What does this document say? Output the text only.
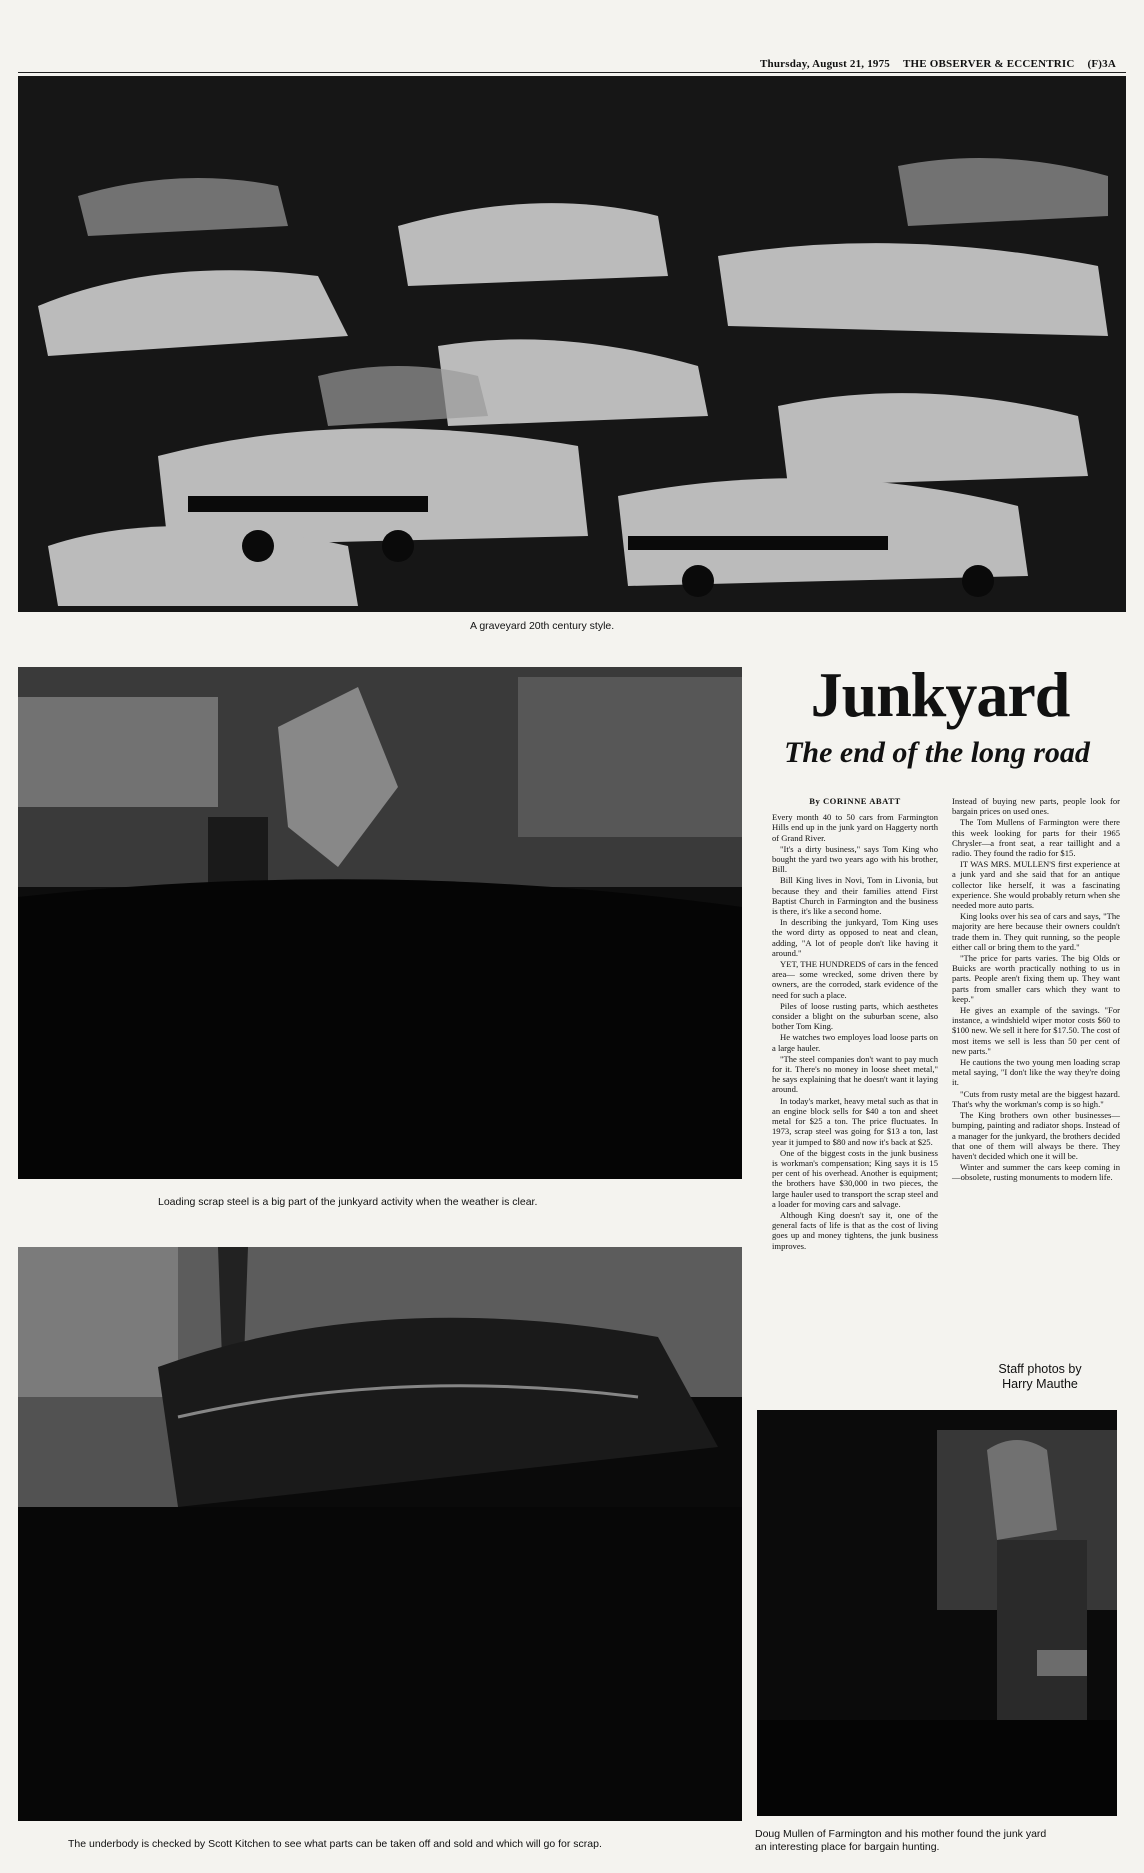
Thursday, August 21, 1975 THE OBSERVER & ECCENTRIC (F)3A
A graveyard 20th century style.
Loading scrap steel is a big part of the junkyard activity when the weather is clear.
The underbody is checked by Scott Kitchen to see what parts can be taken off and sold and which will go for scrap.
Junkyard
The end of the long road
By CORINNE ABATT

Every month 40 to 50 cars from Farmington Hills end up in the junk yard on Haggerty north of Grand River.

"It's a dirty business," says Tom King who bought the yard two years ago with his brother, Bill.

Bill King lives in Novi, Tom in Livonia, but because they and their families attend First Baptist Church in Farmington and the business is there, it's like a second home.

In describing the junkyard, Tom King uses the word dirty as opposed to neat and clean, adding, "A lot of people don't like having it around."

YET, THE HUNDREDS of cars in the fenced area— some wrecked, some driven there by owners, are the corroded, stark evidence of the need for such a place.

Piles of loose rusting parts, which aesthetes consider a blight on the suburban scene, also bother Tom King.

He watches two employes load loose parts on a large hauler.

"The steel companies don't want to pay much for it. There's no money in loose sheet metal," he says explaining that he doesn't want it laying around.

In today's market, heavy metal such as that in an engine block sells for $40 a ton and sheet metal for $25 a ton. The price fluctuates. In 1973, scrap steel was going for $13 a ton, last year it jumped to $80 and now it's back at $25.

One of the biggest costs in the junk business is workman's compensation; King says it is 15 per cent of his overhead. Another is equipment; the brothers have $30,000 in two pieces, the large hauler used to transport the scrap steel and a loader for moving cars and salvage.

Although King doesn't say it, one of the general facts of life is that as the cost of living goes up and money tightens, the junk business improves.

Instead of buying new parts, people look for bargain prices on used ones.

The Tom Mullens of Farmington were there this week looking for parts for their 1965 Chrysler—a front seat, a rear taillight and a radio. They found the radio for $15.

IT WAS MRS. MULLEN'S first experience at a junk yard and she said that for an antique collector like herself, it was a fascinating experience. She would probably return when she needed more auto parts.

King looks over his sea of cars and says, "The majority are here because their owners couldn't trade them in. They quit running, so the people either call or bring them to the yard."

"The price for parts varies. The big Olds or Buicks are worth practically nothing to us in parts. People aren't fixing them up. They want parts from smaller cars which they want to keep."

He gives an example of the savings. "For instance, a windshield wiper motor costs $60 to $100 new. We sell it here for $17.50. The cost of most items we sell is less than 50 per cent of new parts."

He cautions the two young men loading scrap metal saying, "I don't like the way they're doing it.

"Cuts from rusty metal are the biggest hazard. That's why the workman's comp is so high."

The King brothers own other businesses—bumping, painting and radiator shops. Instead of a manager for the junkyard, the brothers decided that one of them will always be there. They haven't decided which one it will be.

Winter and summer the cars keep coming in—obsolete, rusting monuments to modern life.

Staff photos by
Harry Mauthe
Doug Mullen of Farmington and his mother found the junk yard
an interesting place for bargain hunting.
